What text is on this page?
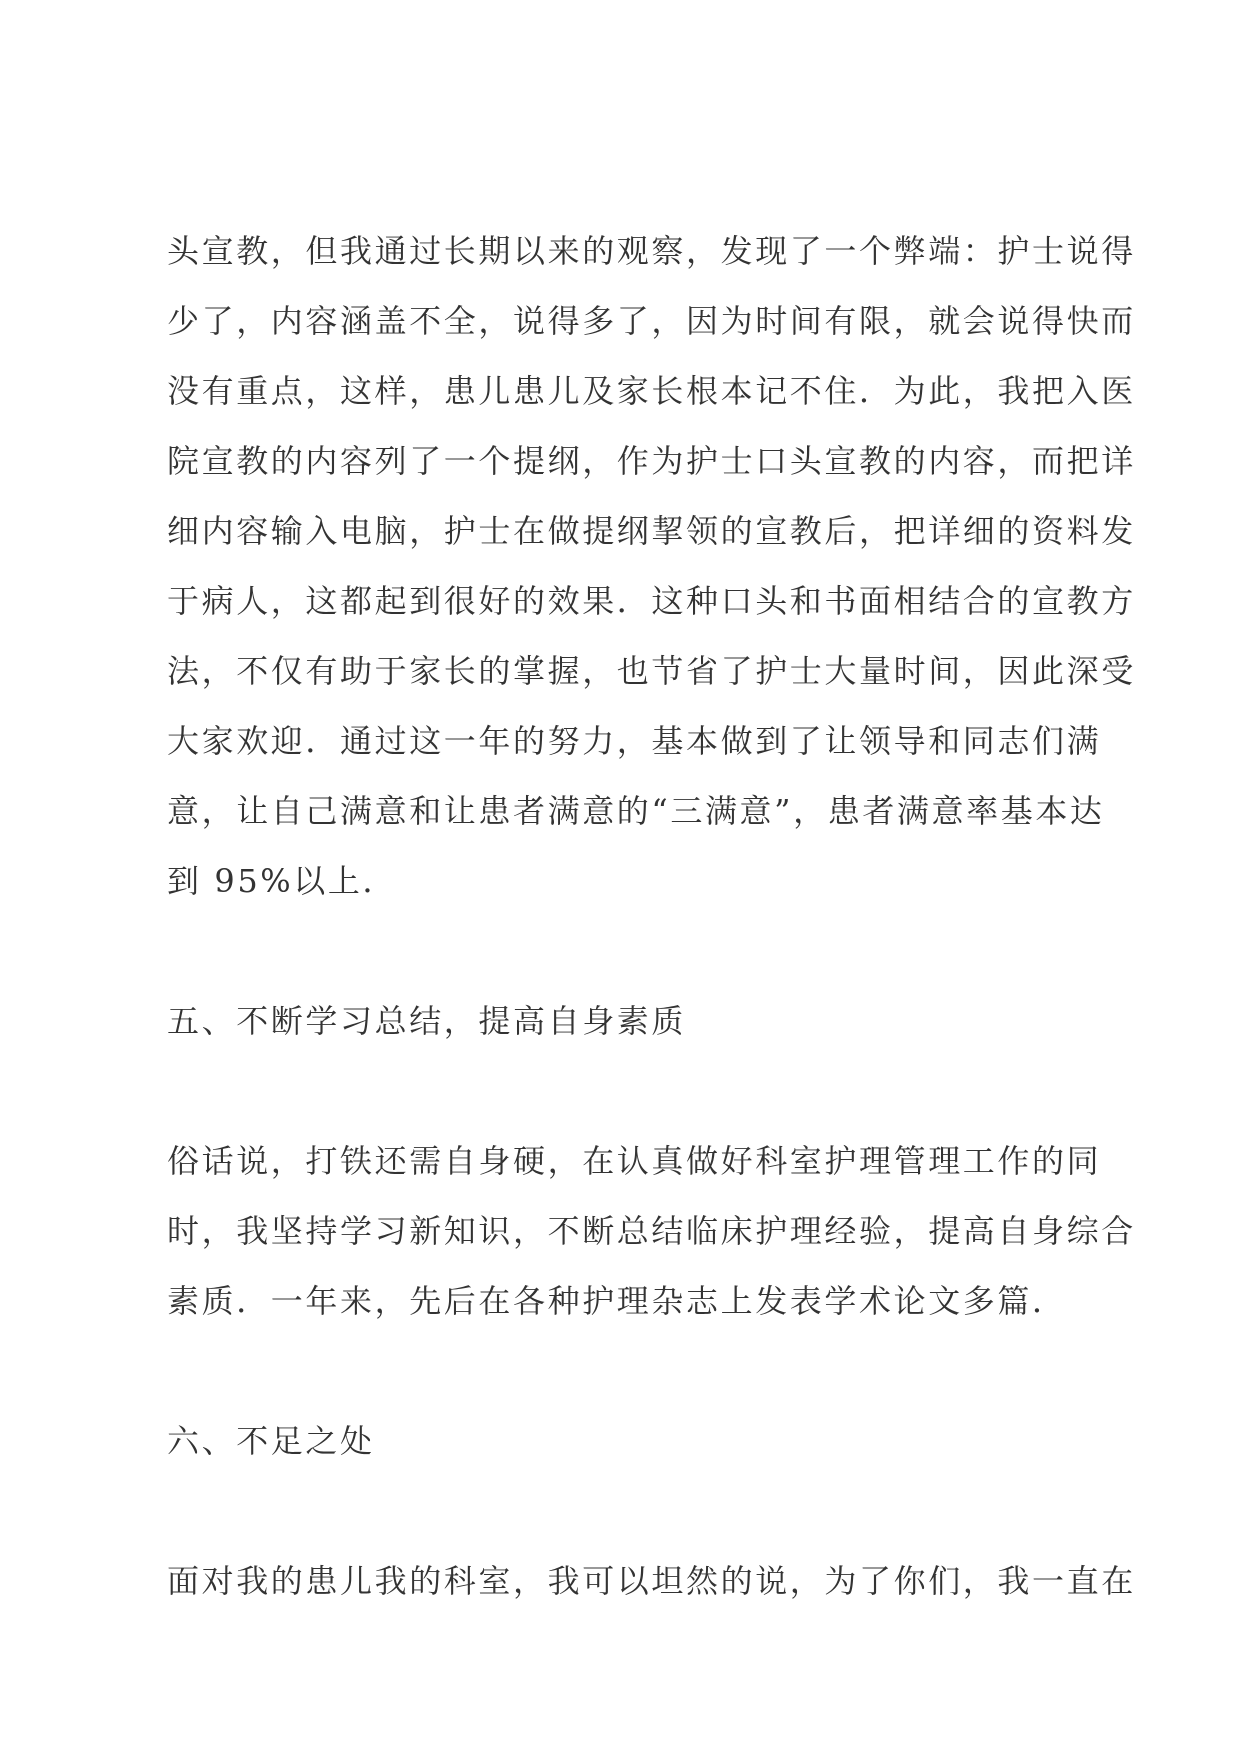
头宣教，但我通过长期以来的观察，发现了一个弊端：护士说得
少了，内容涵盖不全，说得多了，因为时间有限，就会说得快而
没有重点，这样，患儿患儿及家长根本记不住．为此，我把入医
院宣教的内容列了一个提纲，作为护士口头宣教的内容，而把详
细内容输入电脑，护士在做提纲挈领的宣教后，把详细的资料发
于病人，这都起到很好的效果．这种口头和书面相结合的宣教方
法，不仅有助于家长的掌握，也节省了护士大量时间，因此深受
大家欢迎．通过这一年的努力，基本做到了让领导和同志们满
意，让自己满意和让患者满意的“三满意”，患者满意率基本达
到 95%以上．
五、不断学习总结，提高自身素质
俗话说，打铁还需自身硬，在认真做好科室护理管理工作的同
时，我坚持学习新知识，不断总结临床护理经验，提高自身综合
素质．一年来，先后在各种护理杂志上发表学术论文多篇．
六、不足之处
面对我的患儿我的科室，我可以坦然的说，为了你们，我一直在
